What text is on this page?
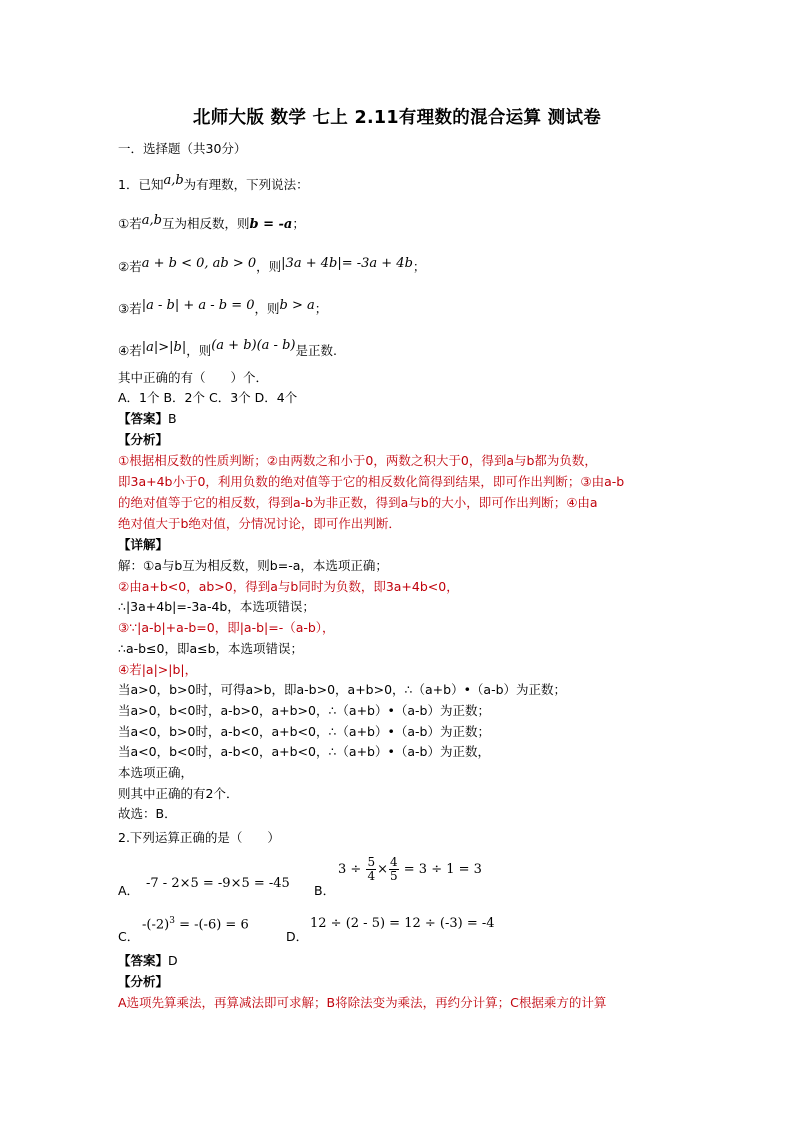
北师大版 数学 七上 2.11有理数的混合运算 测试卷
一．选择题（共30分）
1．已知a,b为有理数，下列说法：
①若a,b互为相反数，则b = -a；
②若a + b < 0, ab > 0，则|3a + 4b|= -3a + 4b；
③若|a - b| + a - b = 0，则b > a；
④若|a|>|b|，则(a + b)(a - b)是正数.
其中正确的有（　　）个．
A．1个 B．2个 C．3个 D．4个
【答案】B
【分析】
①根据相反数的性质判断；②由两数之和小于0，两数之积大于0，得到a与b都为负数，
即3a+4b小于0，利用负数的绝对值等于它的相反数化简得到结果，即可作出判断；③由a-b
的绝对值等于它的相反数，得到a-b为非正数，得到a与b的大小，即可作出判断；④由a
绝对值大于b绝对值，分情况讨论，即可作出判断．
【详解】
解：①a与b互为相反数，则b=-a，本选项正确；
②由a+b<0，ab>0，得到a与b同时为负数，即3a+4b<0，
∴|3a+4b|=-3a-4b，本选项错误；
③∵|a-b|+a-b=0，即|a-b|=-（a-b），
∴a-b≤0，即a≤b，本选项错误；
④若|a|>|b|，
当a>0，b>0时，可得a>b，即a-b>0，a+b>0，∴（a+b）•（a-b）为正数；
当a>0，b<0时，a-b>0，a+b>0，∴（a+b）•（a-b）为正数；
当a<0，b>0时，a-b<0，a+b<0，∴（a+b）•（a-b）为正数；
当a<0，b<0时，a-b<0，a+b<0，∴（a+b）•（a-b）为正数，
本选项正确，
则其中正确的有2个．
故选：B．
2.下列运算正确的是（　　）
A． -7 - 2×5 = -9×5 = -45 B．
$3 \div \frac{5}{4} \times \frac{4}{5} = 3 \div 1 = 3$
C．
$-(-2)^3 = -(-6) = 6$
D．
12 ÷ (2 - 5) = 12 ÷ (-3) = -4
【答案】D
【分析】
A选项先算乘法，再算减法即可求解；B将除法变为乘法，再约分计算；C根据乘方的计算
